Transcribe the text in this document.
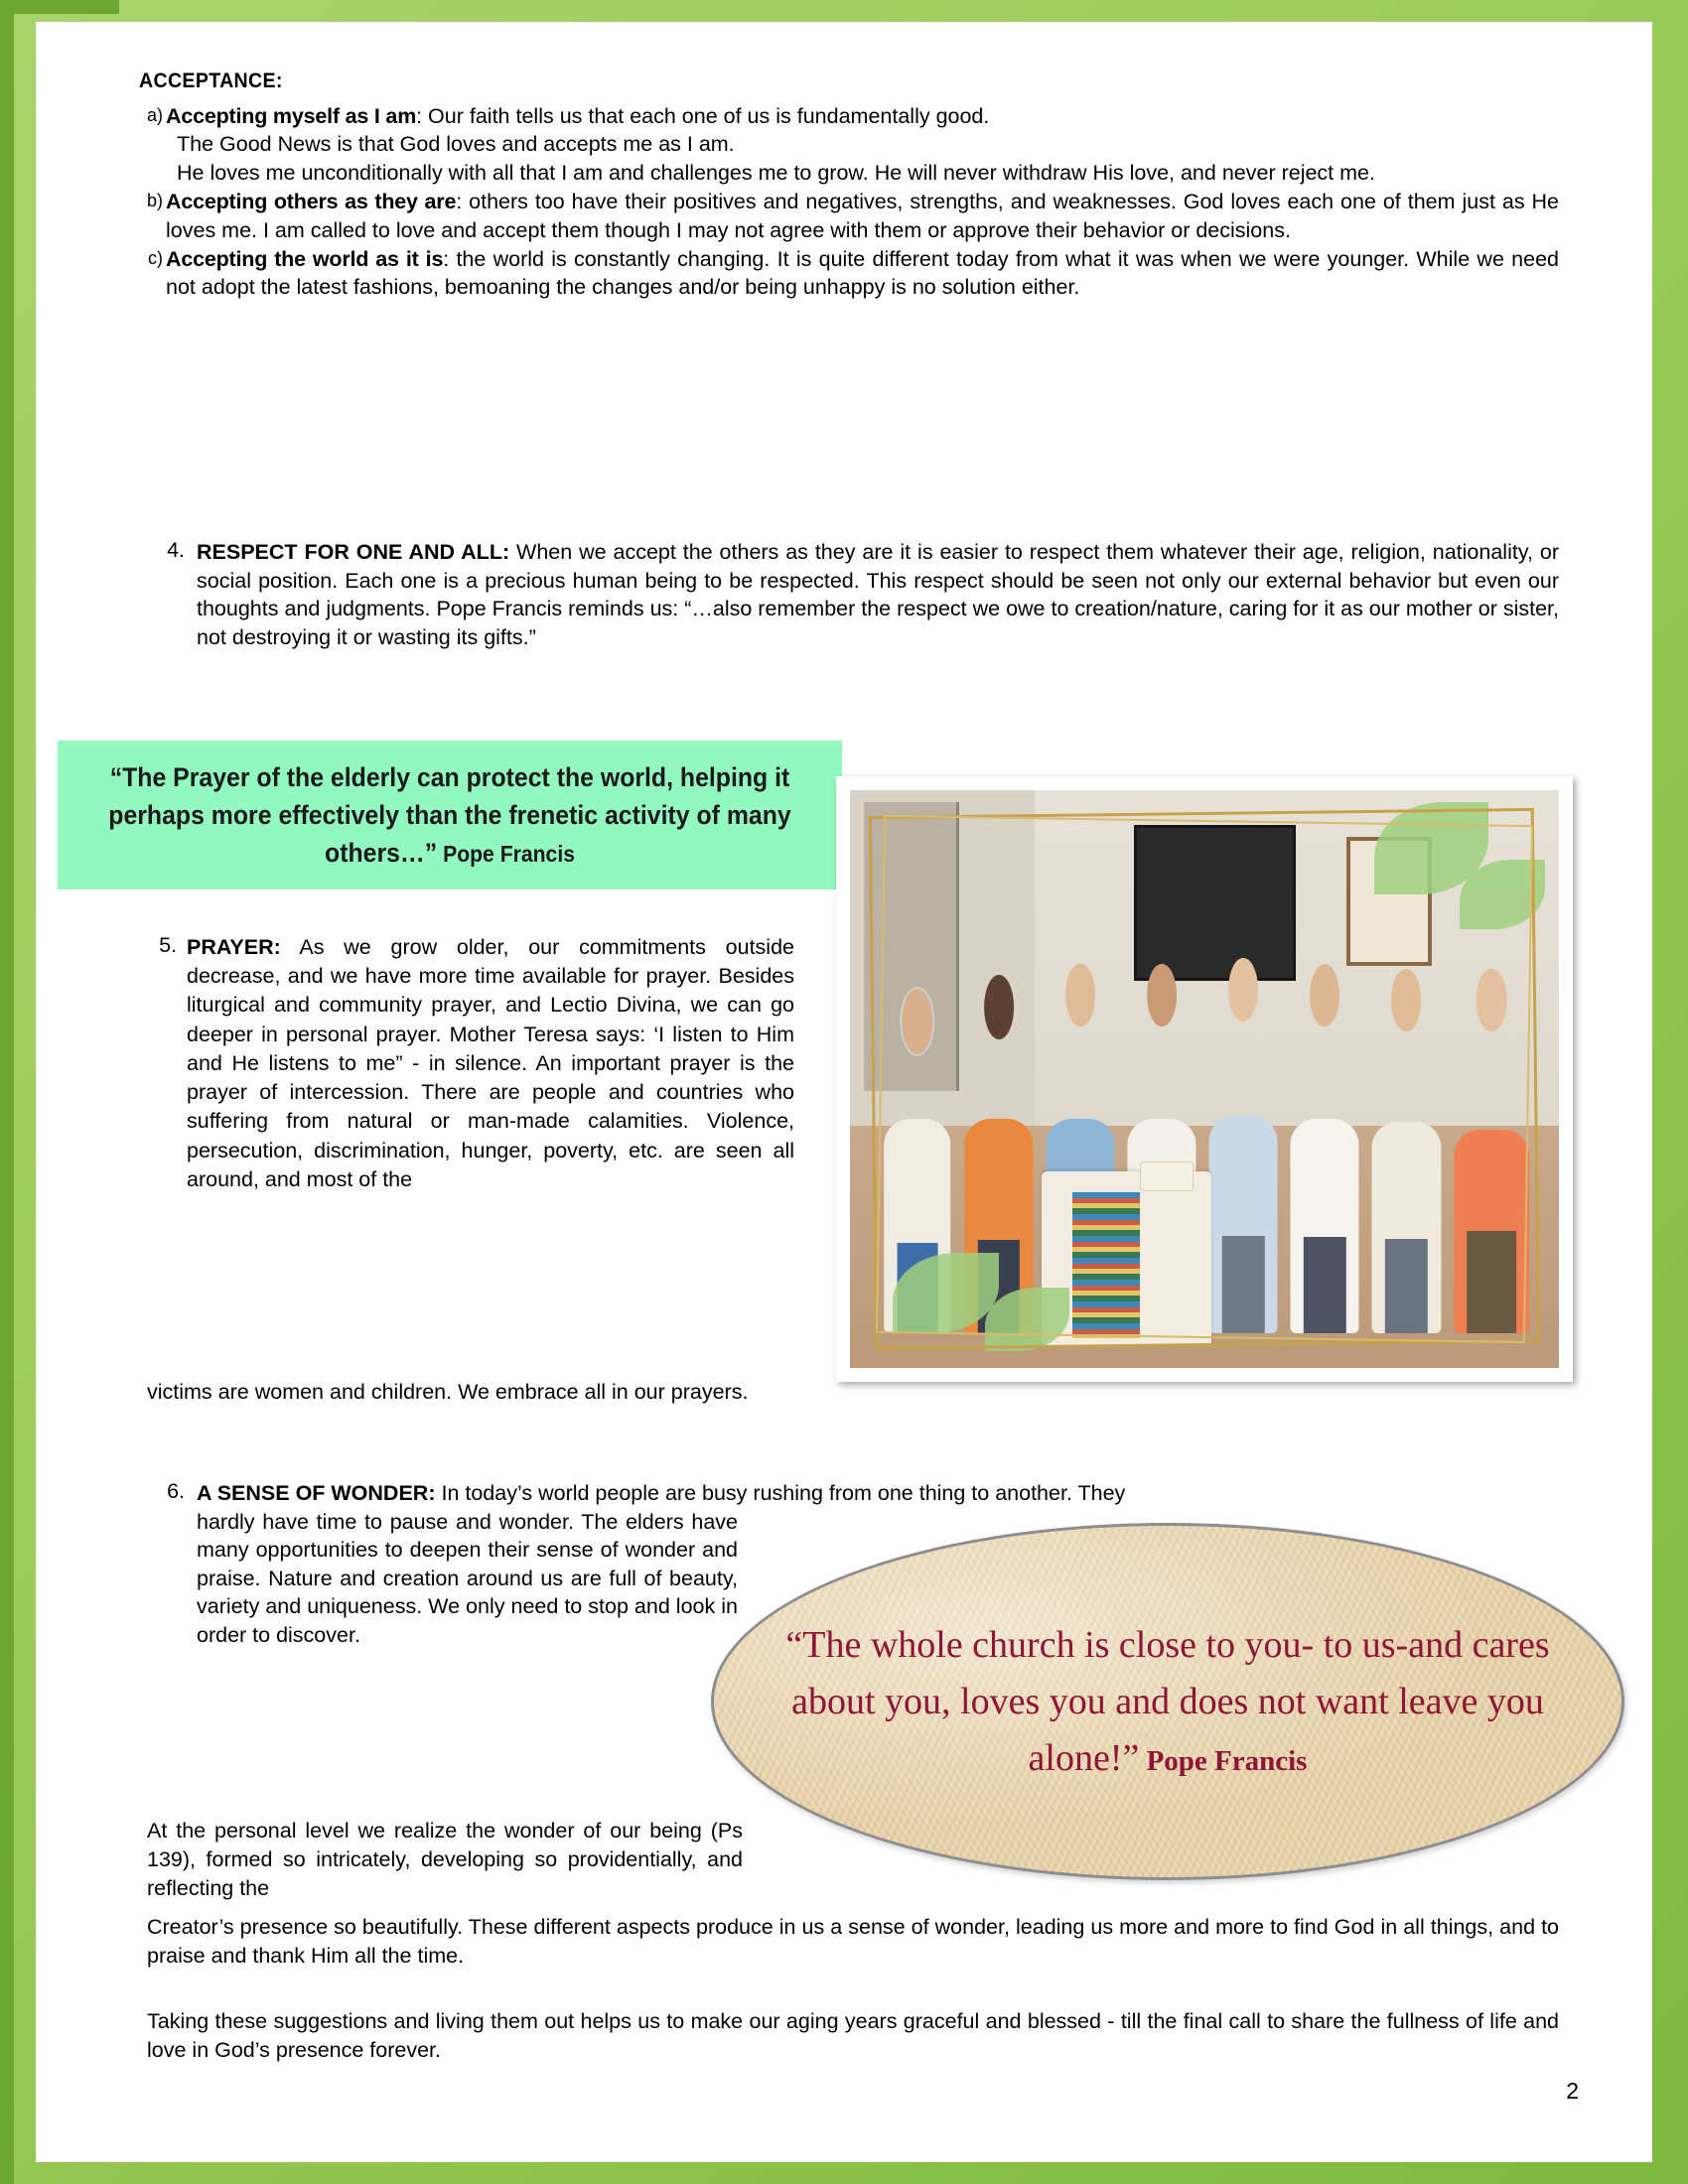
ACCEPTANCE:
a) Accepting myself as I am: Our faith tells us that each one of us is fundamentally good.
The Good News is that God loves and accepts me as I am.
He loves me unconditionally with all that I am and challenges me to grow. He will never withdraw His love, and never reject me.
b) Accepting others as they are: others too have their positives and negatives, strengths, and weaknesses. God loves each one of them just as He loves me. I am called to love and accept them though I may not agree with them or approve their behavior or decisions.
c) Accepting the world as it is: the world is constantly changing. It is quite different today from what it was when we were younger. While we need not adopt the latest fashions, bemoaning the changes and/or being unhappy is no solution either.
4. RESPECT FOR ONE AND ALL: When we accept the others as they are it is easier to respect them whatever their age, religion, nationality, or social position. Each one is a precious human being to be respected. This respect should be seen not only our external behavior but even our thoughts and judgments. Pope Francis reminds us: “…also remember the respect we owe to creation/nature, caring for it as our mother or sister, not destroying it or wasting its gifts.”
“The Prayer of the elderly can protect the world, helping it perhaps more effectively than the frenetic activity of many others…” Pope Francis
5. PRAYER: As we grow older, our commitments outside decrease, and we have more time available for prayer. Besides liturgical and community prayer, and Lectio Divina, we can go deeper in personal prayer. Mother Teresa says: ‘I listen to Him and He listens to me” - in silence. An important prayer is the prayer of intercession. There are people and countries who suffering from natural or man-made calamities. Violence, persecution, discrimination, hunger, poverty, etc. are seen all around, and most of the
victims are women and children. We embrace all in our prayers.
6. A SENSE OF WONDER: In today’s world people are busy rushing from one thing to another. They
hardly have time to pause and wonder. The elders have many opportunities to deepen their sense of wonder and praise. Nature and creation around us are full of beauty, variety and uniqueness. We only need to stop and look in order to discover.
At the personal level we realize the wonder of our being (Ps 139), formed so intricately, developing so providentially, and reflecting the
Creator’s presence so beautifully. These different aspects produce in us a sense of wonder, leading us more and more to find God in all things, and to praise and thank Him all the time.
“The whole church is close to you- to us-and cares about you, loves you and does not want leave you alone!” Pope Francis
Taking these suggestions and living them out helps us to make our aging years graceful and blessed - till the final call to share the fullness of life and love in God’s presence forever.
2
